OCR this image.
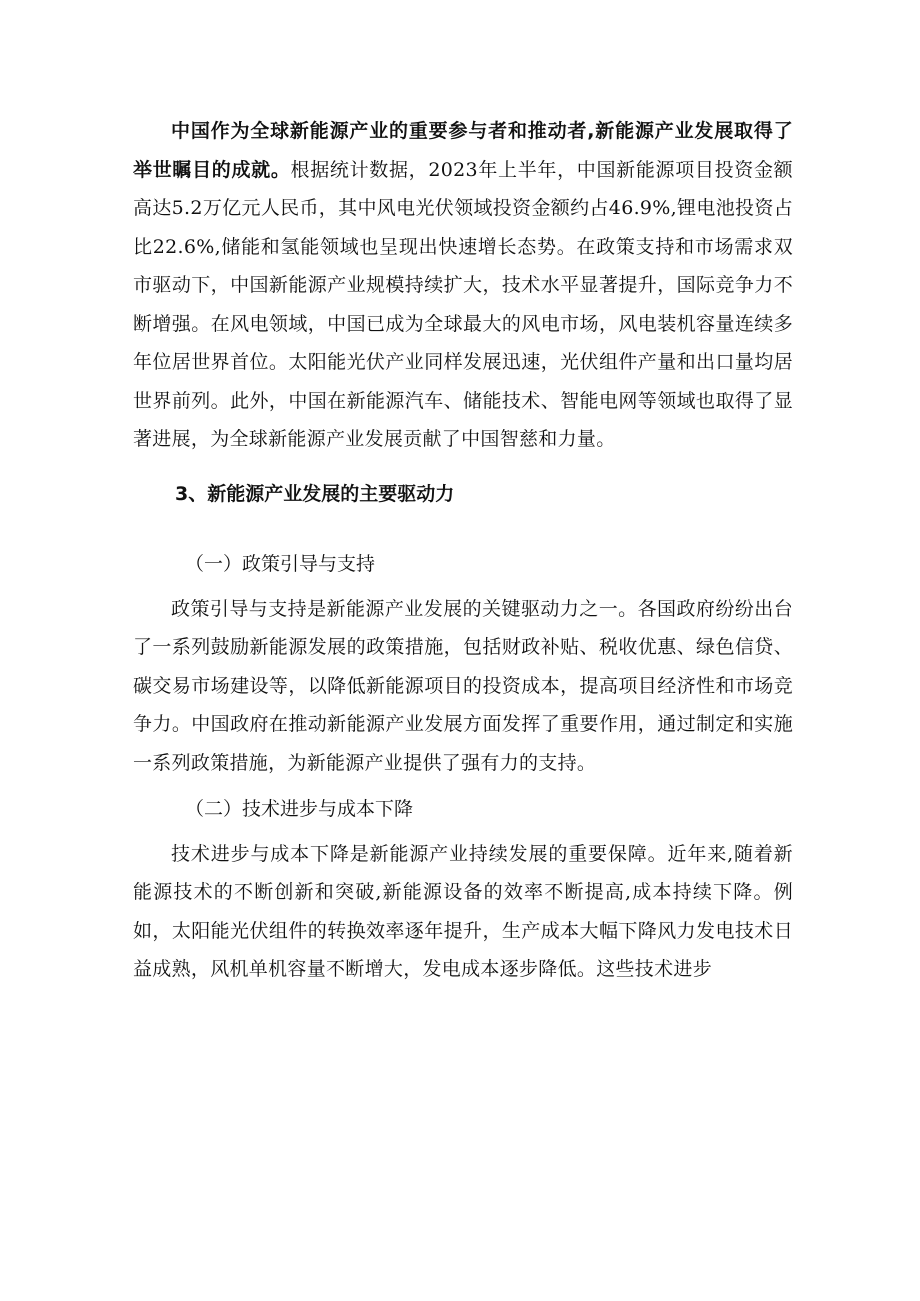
中国作为全球新能源产业的重要参与者和推动者,新能源产业发展取得了举世瞩目的成就。根据统计数据，2023年上半年，中国新能源项目投资金额高达5.2万亿元人民币，其中风电光伏领域投资金额约占46.9%,锂电池投资占比22.6%,储能和氢能领域也呈现出快速增长态势。在政策支持和市场需求双市驱动下，中国新能源产业规模持续扩大，技术水平显著提升，国际竞争力不断增强。在风电领域，中国已成为全球最大的风电市场，风电装机容量连续多年位居世界首位。太阳能光伏产业同样发展迅速，光伏组件产量和出口量均居世界前列。此外，中国在新能源汽车、储能技术、智能电网等领域也取得了显著进展，为全球新能源产业发展贡献了中国智慈和力量。

3、新能源产业发展的主要驱动力
（一）政策引导与支持

政策引导与支持是新能源产业发展的关键驱动力之一。各国政府纷纷出台了一系列鼓励新能源发展的政策措施，包括财政补贴、税收优惠、绿色信贷、碳交易市场建设等，以降低新能源项目的投资成本，提高项目经济性和市场竞争力。中国政府在推动新能源产业发展方面发挥了重要作用，通过制定和实施一系列政策措施，为新能源产业提供了强有力的支持。

（二）技术进步与成本下降

技术进步与成本下降是新能源产业持续发展的重要保障。近年来,随着新能源技术的不断创新和突破,新能源设备的效率不断提高,成本持续下降。例如，太阳能光伏组件的转换效率逐年提升，生产成本大幅下降风力发电技术日益成熟，风机单机容量不断增大，发电成本逐步降低。这些技术进步
